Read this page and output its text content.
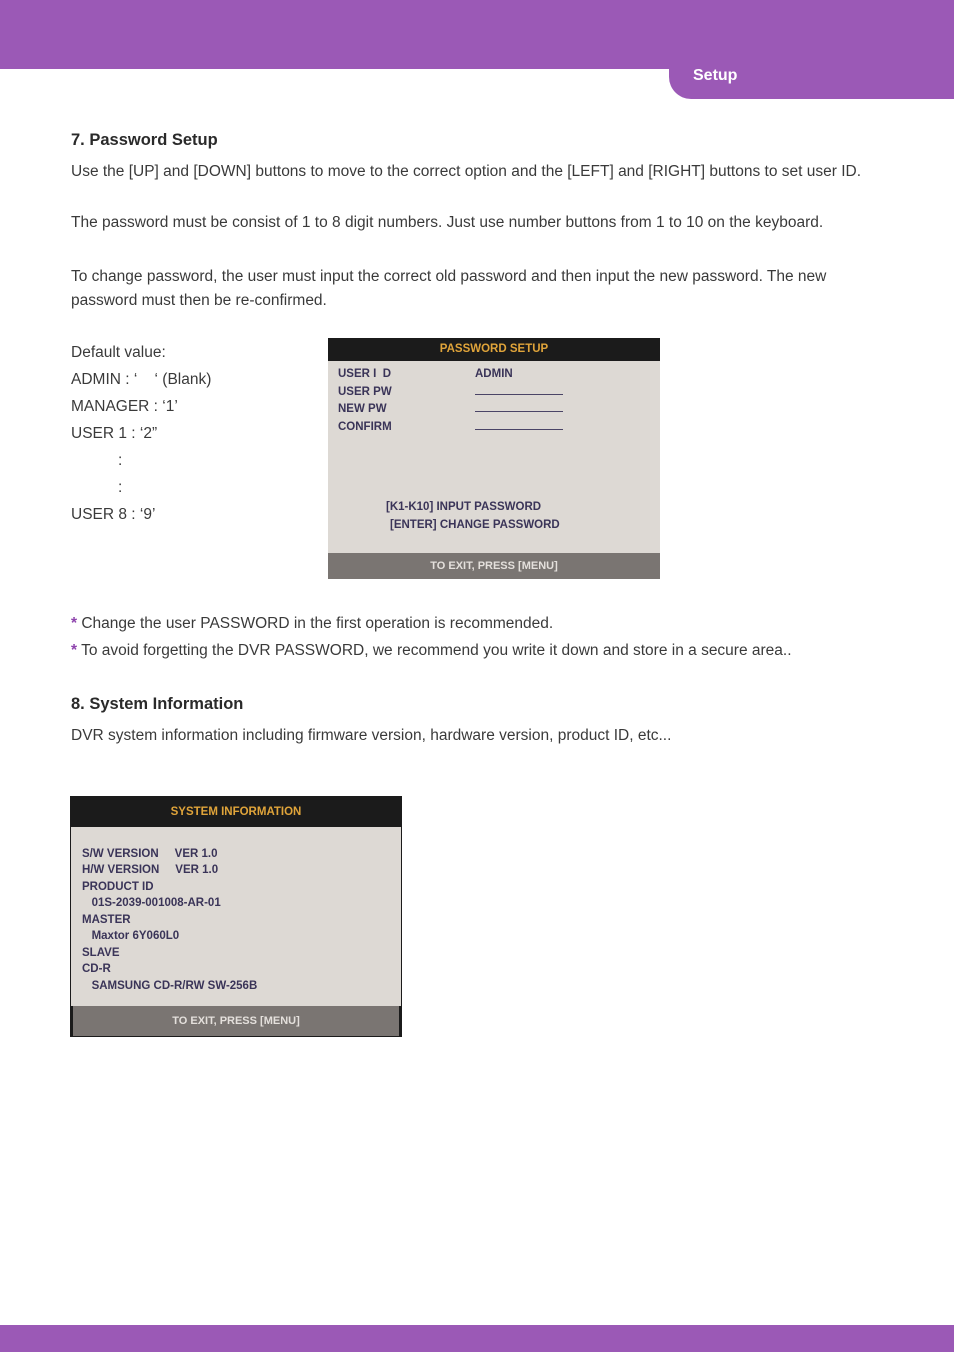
Setup
7. Password Setup
Use the [UP] and [DOWN] buttons to move to the correct option and the [LEFT] and [RIGHT] buttons to set user ID.
The password must be consist of 1 to 8 digit numbers. Just use number buttons from 1 to 10 on the keyboard.
To change password, the user must input the correct old password and then input the new password. The new password must then be re-confirmed.
Default value:
ADMIN : ‘    ‘ (Blank)
MANAGER : ‘1’
USER 1 : ‘2”
:
:
USER 8 : ‘9’
PASSWORD SETUP
USER I  D
USER PW
NEW PW
CONFIRM
ADMIN
[K1-K10] INPUT PASSWORD
[ENTER] CHANGE PASSWORD
TO EXIT, PRESS [MENU]
* Change the user PASSWORD in the first operation is recommended.
* To avoid forgetting the DVR PASSWORD, we recommend you write it down and store in a secure area..
8. System Information
DVR system information including firmware version, hardware version, product ID, etc...
SYSTEM INFORMATION
S/W VERSION     VER 1.0
H/W VERSION     VER 1.0
PRODUCT ID
01S-2039-001008-AR-01
MASTER
Maxtor 6Y060L0
SLAVE
CD-R
SAMSUNG CD-R/RW SW-256B
TO EXIT, PRESS [MENU]
